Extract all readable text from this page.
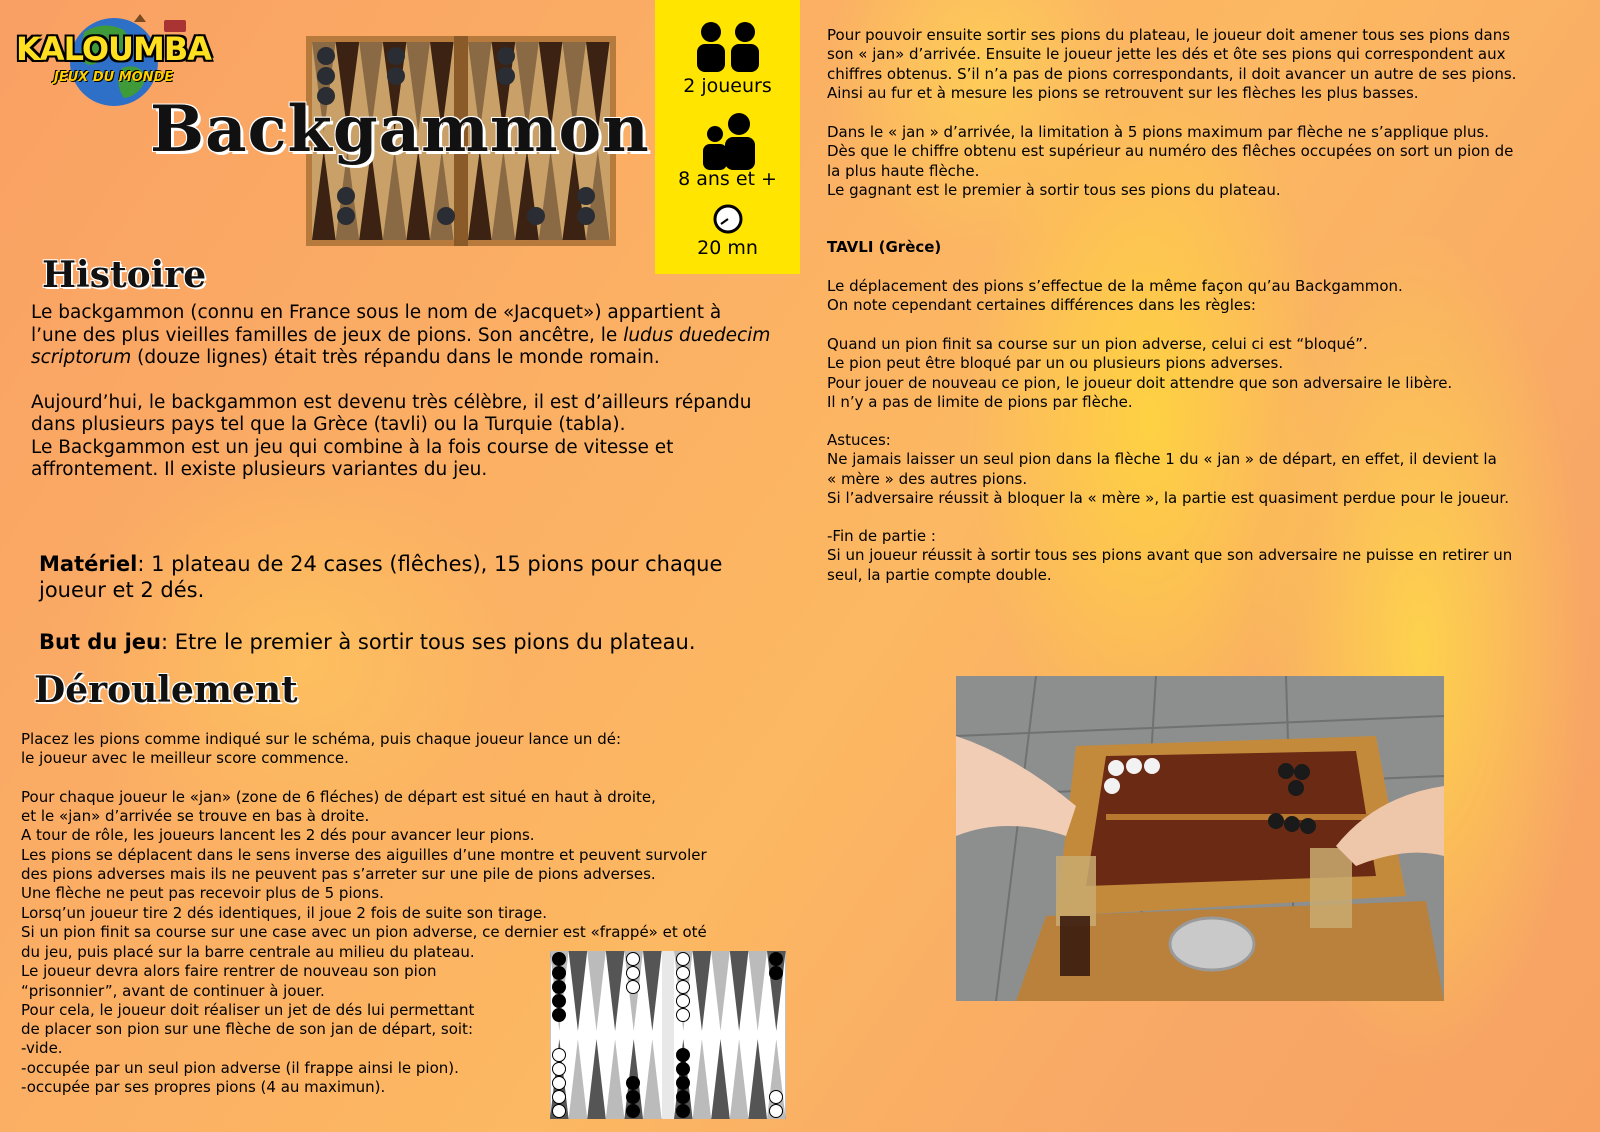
KALOUMBA
JEUX DU MONDE
Backgammon
2 joueurs
8 ans et +
20 mn
Histoire

Le backgammon (connu en France sous le nom de «Jacquet») appartient à l’une des plus vieilles familles de jeux de pions. Son ancêtre, le ludus duedecim scriptorum (douze lignes) était très répandu dans le monde romain.

Aujourd’hui, le backgammon est devenu très célèbre, il est d’ailleurs répandu dans plusieurs pays tel que la Grèce (tavli) ou la Turquie (tabla).

Le Backgammon est un jeu qui combine à la fois course de vitesse et affrontement. Il existe plusieurs variantes du jeu.

Matériel: 1 plateau de 24 cases (flêches), 15 pions pour chaque joueur et 2 dés.
But du jeu: Etre le premier à sortir tous ses pions du plateau.
Déroulement
Placez les pions comme indiqué sur le schéma, puis chaque joueur lance un dé:
le joueur avec le meilleur score commence.

Pour chaque joueur le «jan» (zone de 6 fléches) de départ est situé en haut à droite,
et le «jan» d’arrivée se trouve en bas à droite.
A tour de rôle, les joueurs lancent les 2 dés pour avancer leur pions.
Les pions se déplacent dans le sens inverse des aiguilles d’une montre et peuvent survoler
des pions adverses mais ils ne peuvent pas s’arreter sur une pile de pions adverses.
Une flèche ne peut pas recevoir plus de 5 pions.
Lorsq’un joueur tire 2 dés identiques, il joue 2 fois de suite son tirage.
Si un pion finit sa course sur une case avec un pion adverse, ce dernier est «frappé» et oté
du jeu, puis placé sur la barre centrale au milieu du plateau.
Le joueur devra alors faire rentrer de nouveau son pion
“prisonnier”, avant de continuer à jouer.
Pour cela, le joueur doit réaliser un jet de dés lui permettant
de placer son pion sur une flèche de son jan de départ, soit:
-vide.
-occupée par un seul pion adverse (il frappe ainsi le pion).
-occupée par ses propres pions (4 au maximun).
Pour pouvoir ensuite sortir ses pions du plateau, le joueur doit amener tous ses pions dans
son « jan» d’arrivée. Ensuite le joueur jette les dés et ôte ses pions qui correspondent aux
chiffres obtenus. S’il n’a pas de pions correspondants, il doit avancer un autre de ses pions.
Ainsi au fur et à mesure les pions se retrouvent sur les flèches les plus basses.
Dans le « jan » d’arrivée, la limitation à 5 pions maximum par flèche ne s’applique plus.
Dès que le chiffre obtenu est supérieur au numéro des flêches occupées on sort un pion de
la plus haute flèche.
Le gagnant est le premier à sortir tous ses pions du plateau.
TAVLI (Grèce)
Le déplacement des pions s’effectue de la même façon qu’au Backgammon.
On note cependant certaines différences dans les règles:
Quand un pion finit sa course sur un pion adverse, celui ci est “bloqué”.
Le pion peut être bloqué par un ou plusieurs pions adverses.
Pour jouer de nouveau ce pion, le joueur doit attendre que son adversaire le libère.
Il n’y a pas de limite de pions par flèche.
Astuces:
Ne jamais laisser un seul pion dans la flèche 1 du « jan » de départ, en effet, il devient la
« mère » des autres pions.
Si l’adversaire réussit à bloquer la « mère », la partie est quasiment perdue pour le joueur.
-Fin de partie :
Si un joueur réussit à sortir tous ses pions avant que son adversaire ne puisse en retirer un
seul, la partie compte double.
